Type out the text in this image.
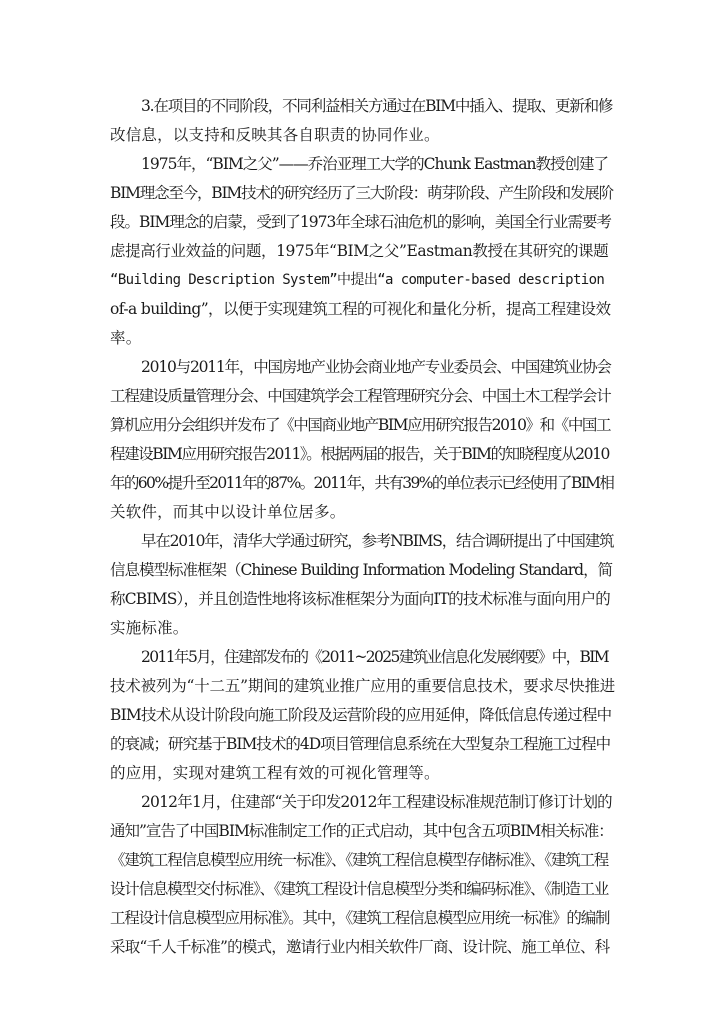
3.在项目的不同阶段，不同利益相关方通过在BIM中插入、提取、更新和修
改信息，以支持和反映其各自职责的协同作业。
1975年，“BIM之父”——乔治亚理工大学的Chunk Eastman教授创建了
BIM理念至今，BIM技术的研究经历了三大阶段：萌芽阶段、产生阶段和发展阶
段。BIM理念的启蒙，受到了1973年全球石油危机的影响，美国全行业需要考
虑提高行业效益的问题，1975年“BIM之父”Eastman教授在其研究的课题
“Building Description System”中提出“a computer-based description
of-a building”，以便于实现建筑工程的可视化和量化分析，提高工程建设效
率。
2010与2011年，中国房地产业协会商业地产专业委员会、中国建筑业协会
工程建设质量管理分会、中国建筑学会工程管理研究分会、中国土木工程学会计
算机应用分会组织并发布了《中国商业地产BIM应用研究报告2010》和《中国工
程建设BIM应用研究报告2011》。根据两届的报告，关于BIM的知晓程度从2010
年的60%提升至2011年的87%。2011年，共有39%的单位表示已经使用了BIM相
关软件，而其中以设计单位居多。
早在2010年，清华大学通过研究，参考NBIMS，结合调研提出了中国建筑
信息模型标准框架（Chinese Building Information Modeling Standard，简
称CBIMS），并且创造性地将该标准框架分为面向IT的技术标准与面向用户的
实施标准。
2011年5月，住建部发布的《2011~2025建筑业信息化发展纲要》中，BIM
技术被列为“十二五”期间的建筑业推广应用的重要信息技术，要求尽快推进
BIM技术从设计阶段向施工阶段及运营阶段的应用延伸，降低信息传递过程中
的衰减；研究基于BIM技术的4D项目管理信息系统在大型复杂工程施工过程中
的应用，实现对建筑工程有效的可视化管理等。
2012年1月，住建部“关于印发2012年工程建设标准规范制订修订计划的
通知”宣告了中国BIM标准制定工作的正式启动，其中包含五项BIM相关标准：
《建筑工程信息模型应用统一标准》、《建筑工程信息模型存储标准》、《建筑工程
设计信息模型交付标准》、《建筑工程设计信息模型分类和编码标准》、《制造工业
工程设计信息模型应用标准》。其中，《建筑工程信息模型应用统一标准》的编制
采取“千人千标准”的模式，邀请行业内相关软件厂商、设计院、施工单位、科
